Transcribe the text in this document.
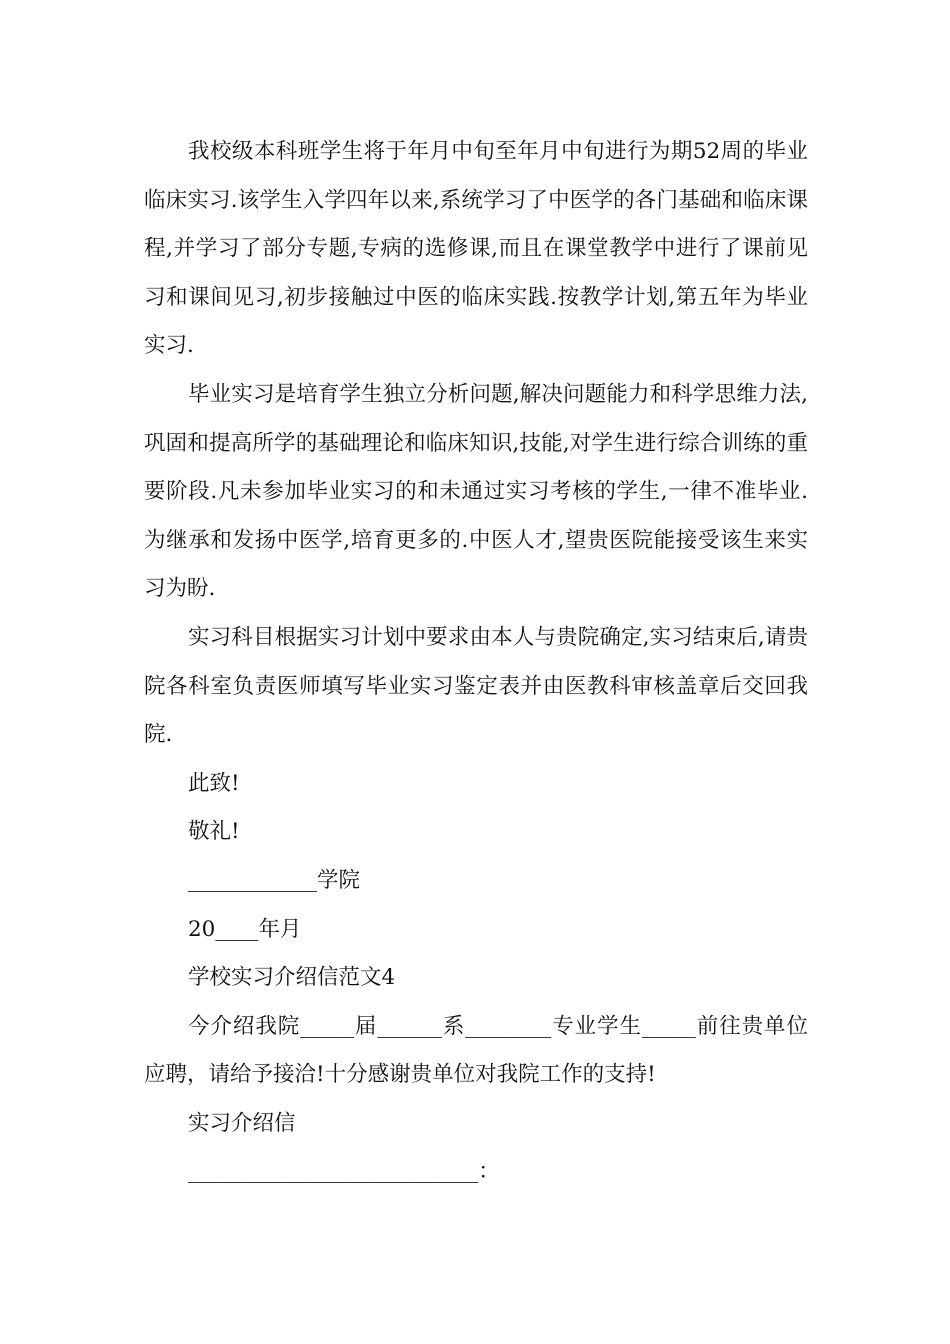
我校级本科班学生将于年月中旬至年月中旬进行为期52周的毕业临床实习.该学生入学四年以来,系统学习了中医学的各门基础和临床课程,并学习了部分专题,专病的选修课,而且在课堂教学中进行了课前见习和课间见习,初步接触过中医的临床实践.按教学计划,第五年为毕业实习.

毕业实习是培育学生独立分析问题,解决问题能力和科学思维力法,巩固和提高所学的基础理论和临床知识,技能,对学生进行综合训练的重要阶段.凡未参加毕业实习的和未通过实习考核的学生,一律不准毕业.为继承和发扬中医学,培育更多的.中医人才,望贵医院能接受该生来实习为盼.

实习科目根据实习计划中要求由本人与贵院确定,实习结束后,请贵院各科室负责医师填写毕业实习鉴定表并由医教科审核盖章后交回我院.

此致!

敬礼!

____________学院

20____年月

学校实习介绍信范文4

今介绍我院_____届______系________专业学生_____前往贵单位应聘，请给予接洽!十分感谢贵单位对我院工作的支持!

实习介绍信

___________________________：
